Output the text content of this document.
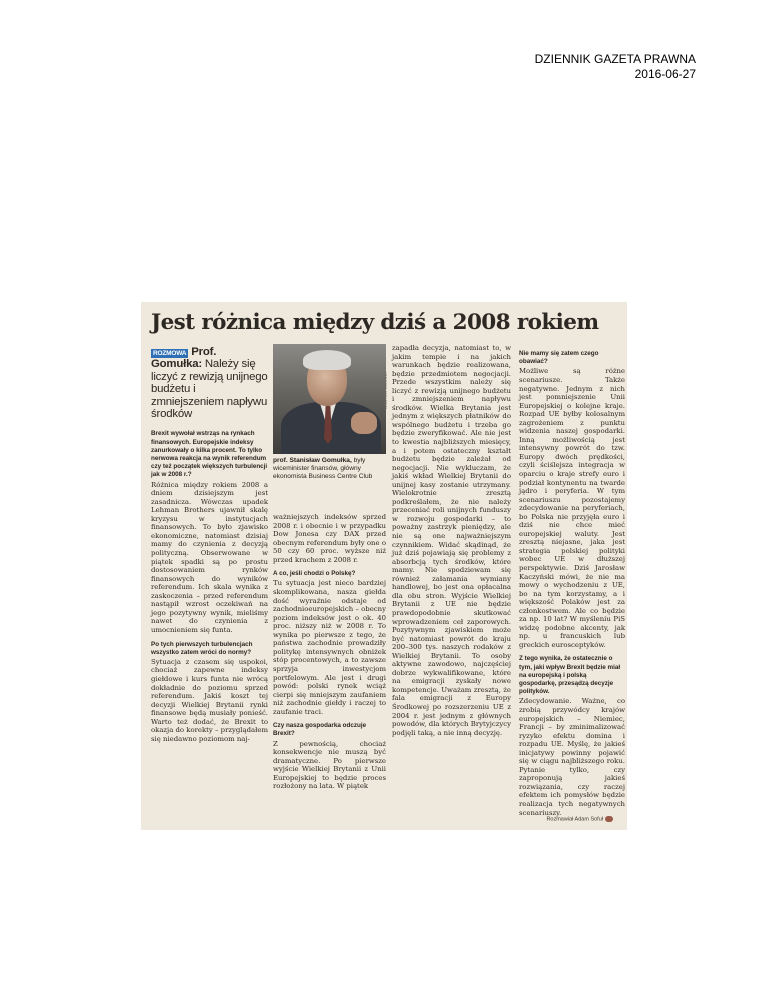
DZIENNIK GAZETA PRAWNA
2016-06-27
Jest różnica między dziś a 2008 rokiem
ROZMOWA Prof. Gomułka: Należy się liczyć z rewizją unijnego budżetu i zmniejszeniem napływu środków
Brexit wywołał wstrząs na rynkach finansowych. Europejskie indeksy zanurkowały o kilka procent. To tylko nerwowa reakcja na wynik referendum czy też początek większych turbulencji jak w 2008 r.?

Różnica między rokiem 2008 a dniem dzisiejszym jest zasadnicza. Wówczas upadek Lehman Brothers ujawnił skalę kryzysu w instytucjach finansowych. To było zjawisko ekonomiczne, natomiast dzisiaj mamy do czynienia z decyzją polityczną. Obserwowane w piątek spadki są po prostu dostosowaniem rynków finansowych do wyników referendum. Ich skala wynika z zaskoczenia – przed referendum nastąpił wzrost oczekiwań na jego pozytywny wynik, mieliśmy nawet do czynienia z umocnieniem się funta.

Po tych pierwszych turbulencjach wszystko zatem wróci do normy?

Sytuacja z czasem się uspokoi, chociaż zapewne indeksy giełdowe i kurs funta nie wrócą dokładnie do poziomu sprzed referendum. Jakiś koszt tej decyzji Wielkiej Brytanii rynki finansowe będą musiały ponieść. Warto też dodać, że Brexit to okazja do korekty – przyglądałem się niedawno poziomom naj-

WOJTEK GORSKI
prof. Stanisław Gomułka, były wiceminister finansów, główny ekonomista Business Centre Club

ważniejszych indeksów sprzed 2008 r. i obecnie i w przypadku Dow Jonesa czy DAX przed obecnym referendum były one o 50 czy 60 proc. wyższe niż przed krachem z 2008 r.

A co, jeśli chodzi o Polskę?

Tu sytuacja jest nieco bardziej skomplikowana, nasza giełda dość wyraźnie odstaje od zachodnioeuropejskich – obecny poziom indeksów jest o ok. 40 proc. niższy niż w 2008 r. To wynika po pierwsze z tego, że państwa zachodnie prowadziły politykę intensywnych obniżek stóp procentowych, a to zawsze sprzyja inwestycjom portfelowym. Ale jest i drugi powód: polski rynek wciąż cierpi się mniejszym zaufaniem niż zachodnie giełdy i raczej to zaufanie traci.

Czy nasza gospodarka odczuje Brexit?

Z pewnością, chociaż konsekwencje nie muszą być dramatyczne. Po pierwsze wyjście Wielkiej Brytanii z Unii Europejskiej to będzie proces rozłożony na lata. W piątek

zapadła decyzja, natomiast to, w jakim tempie i na jakich warunkach będzie realizowana, będzie przedmiotem negocjacji. Przede wszystkim należy się liczyć z rewizją unijnego budżetu i zmniejszeniem napływu środków. Wielka Brytania jest jednym z większych płatników do wspólnego budżetu i trzeba go będzie zweryfikować. Ale nie jest to kwestia najbliższych miesięcy, a i potem ostateczny kształt budżetu będzie zależał od negocjacji. Nie wykluczam, że jakiś wkład Wielkiej Brytanii do unijnej kasy zostanie utrzymany. Wielokrotnie zresztą podkreślałem, że nie należy przeceniać roli unijnych funduszy w rozwoju gospodarki – to poważny zastrzyk pieniędzy, ale nie są one najważniejszym czynnikiem. Widać skądinąd, że już dziś pojawiają się problemy z absorbcją tych środków, które mamy. Nie spodziewam się również załamania wymiany handlowej, bo jest ona opłacalna dla obu stron. Wyjście Wielkiej Brytanii z UE nie będzie prawdopodobnie skutkować wprowadzeniem ceł zaporowych. Pozytywnym zjawiskiem może być natomiast powrót do kraju 200–300 tys. naszych rodaków z Wielkiej Brytanii. To osoby aktywne zawodowo, najczęściej dobrze wykwalifikowane, które na emigracji zyskały nowe kompetencje. Uważam zresztą, że fala emigracji z Europy Środkowej po rozszerzeniu UE z 2004 r. jest jednym z głównych powodów, dla których Brytyjczycy podjęli taką, a nie inną decyzję.

Nie mamy się zatem czego obawiać?

Możliwe są różne scenariusze. Także negatywne. Jednym z nich jest pomniejszenie Unii Europejskiej o kolejne kraje. Rozpad UE byłby kolosalnym zagrożeniem z punktu widzenia naszej gospodarki. Inną możliwością jest intensywny powrót do tzw. Europy dwóch prędkości, czyli ściślejsza integracja w oparciu o kraje strefy euro i podział kontynentu na twarde jądro i peryferia. W tym scenariuszu pozostajemy zdecydowanie na peryferiach, bo Polska nie przyjęła euro i dziś nie chce mieć europejskiej waluty. Jest zresztą niejasne, jaka jest strategia polskiej polityki wobec UE w dłuższej perspektywie. Dziś Jarosław Kaczyński mówi, że nie ma mowy o wychodzeniu z UE, bo na tym korzystamy, a i większość Polaków jest za członkostwem. Ale co będzie za np. 10 lat? W myśleniu PiS widzę podobne akcenty, jak np. u francuskich lub greckich eurosceptyków.

Z tego wynika, że ostatecznie o tym, jaki wpływ Brexit będzie miał na europejską i polską gospodarkę, przesądzą decyzje polityków.

Zdecydowanie. Ważne, co zrobią przywódcy krajów europejskich – Niemiec, Francji – by zminimalizować ryzyko efektu domina i rozpadu UE. Myślę, że jakieś inicjatywy powinny pojawić się w ciągu najbliższego roku. Pytanie tylko, czy zaproponują jakieś rozwiązania, czy raczej efektem ich pomysłów będzie realizacja tych negatywnych scenariuszy.

Rozmawiał Adam Sofuł
